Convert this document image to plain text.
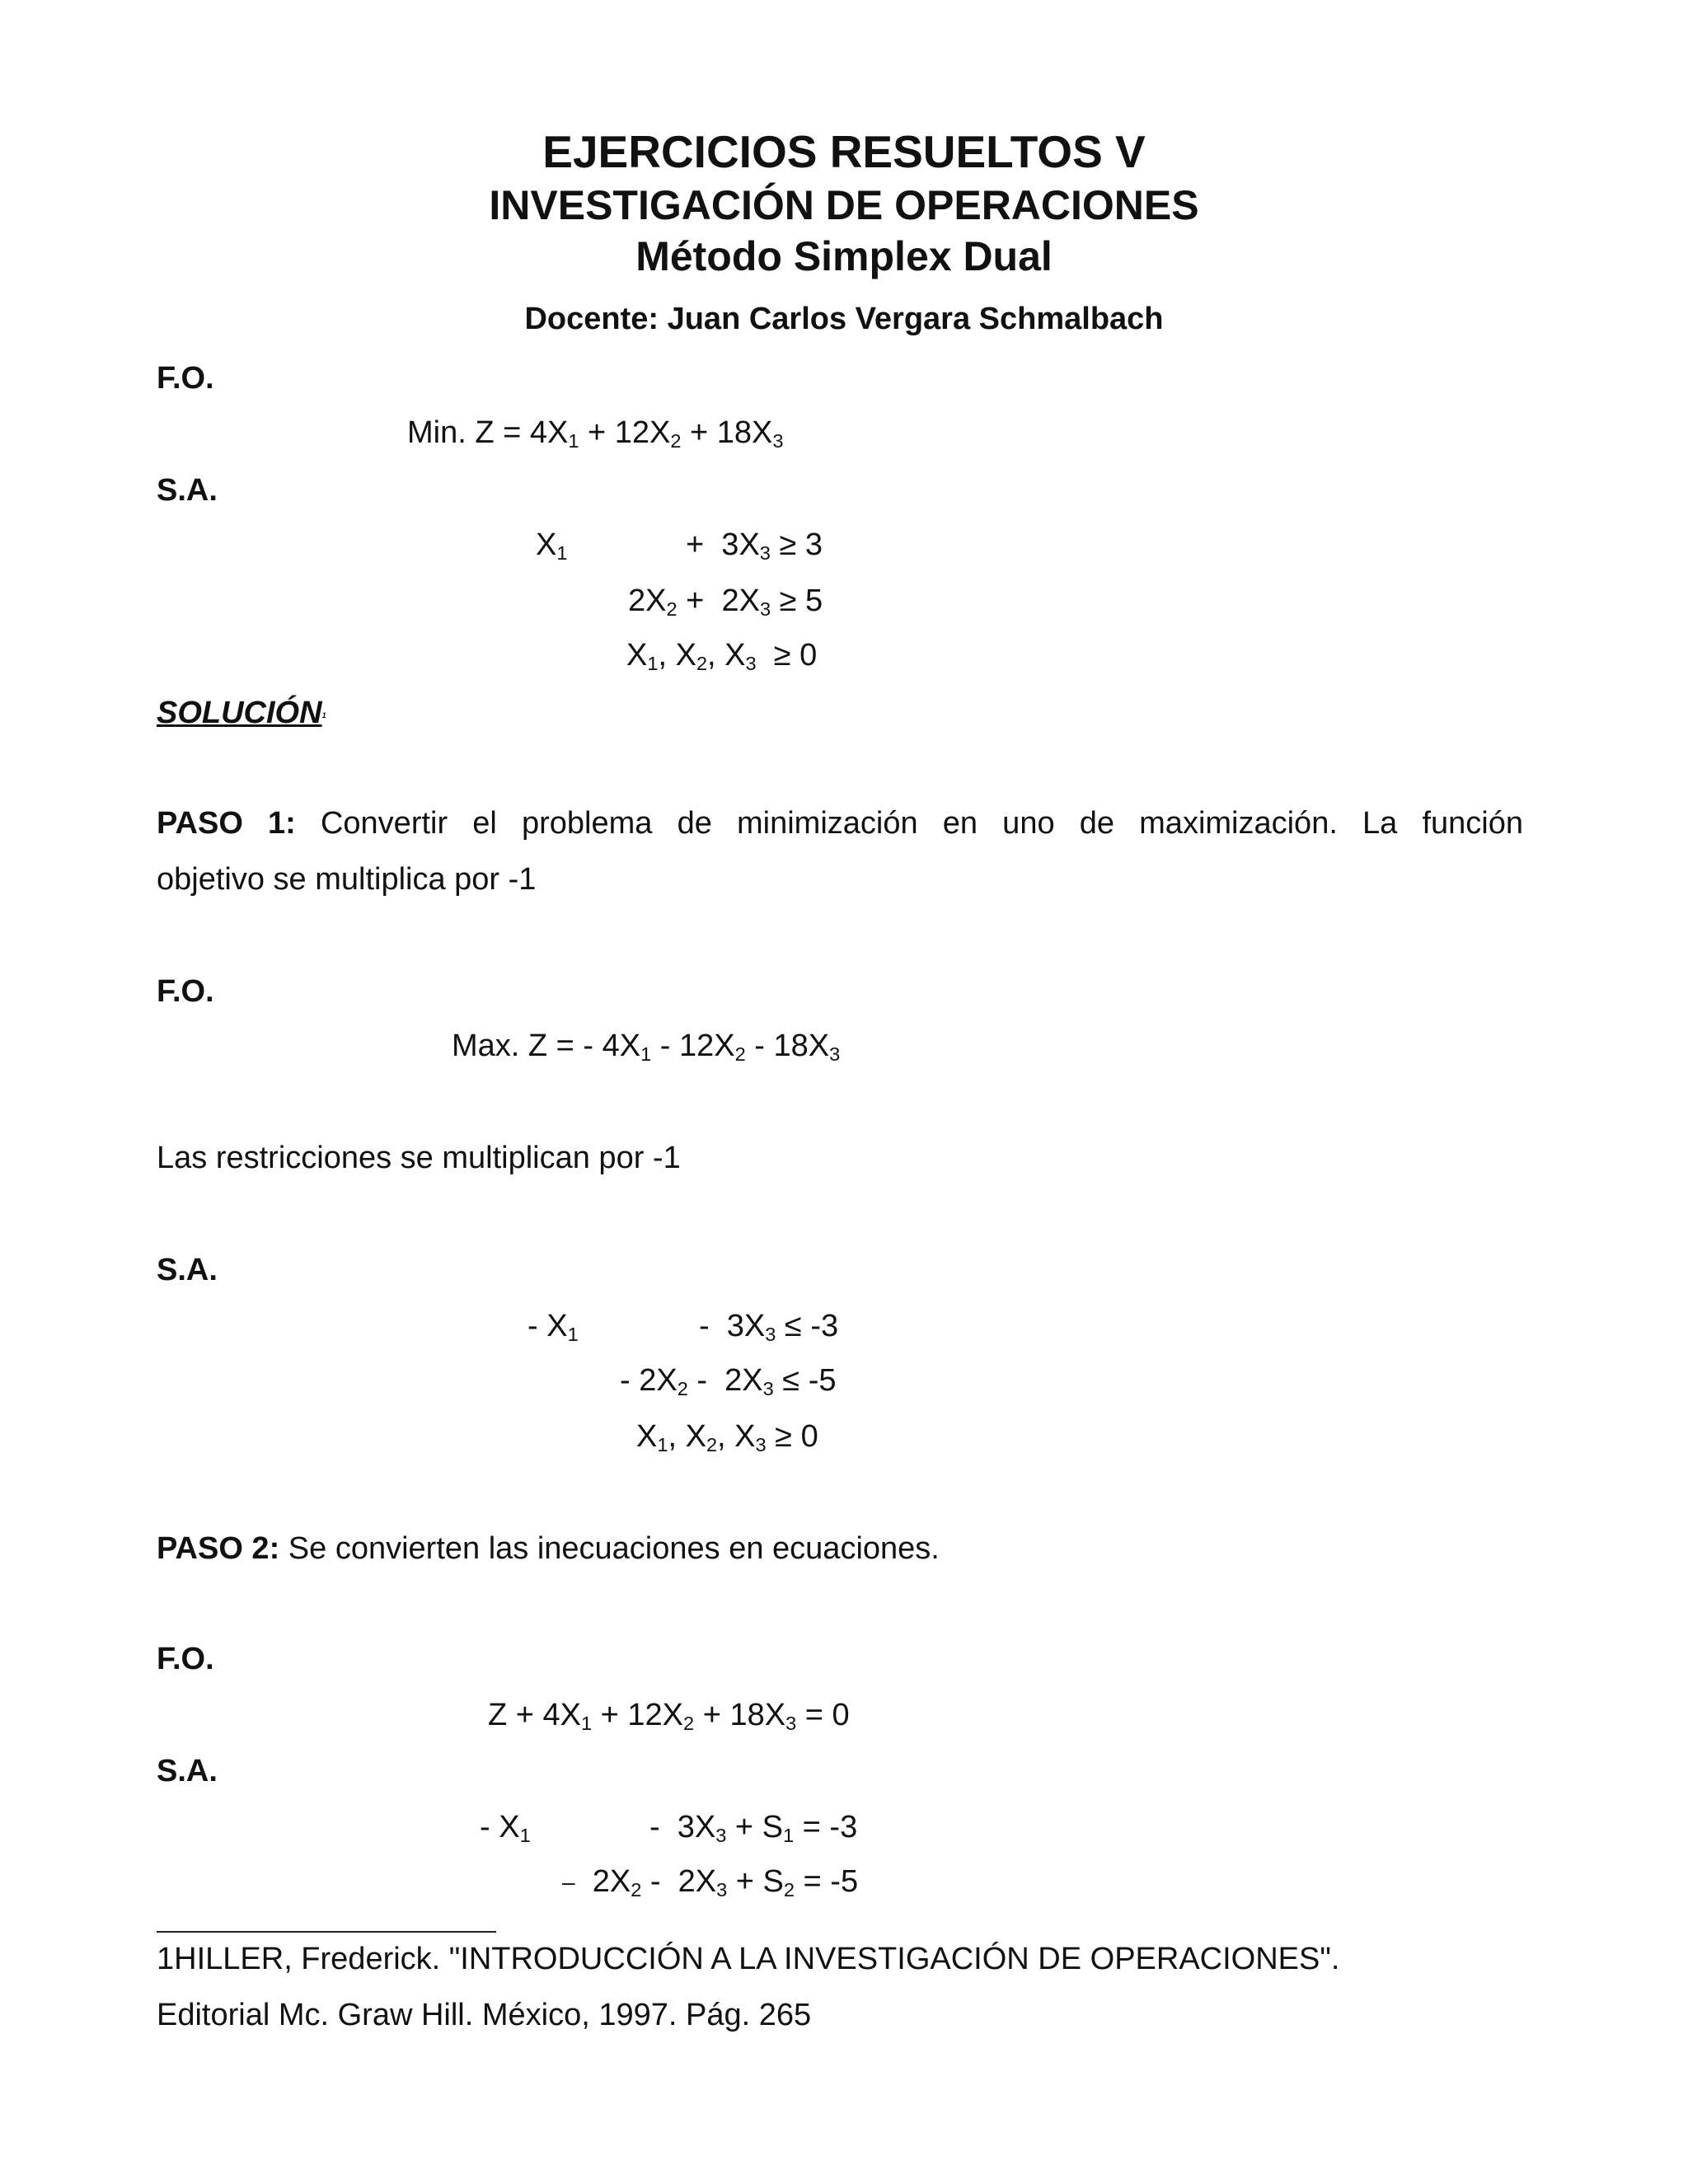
EJERCICIOS RESUELTOS V
INVESTIGACIÓN DE OPERACIONES
Método Simplex Dual
Docente: Juan Carlos Vergara Schmalbach
F.O.
Min. $Z = 4X_1 + 12X_2 + 18X_3$
S.A.
$X_1$	+  $3X_3 \ge 3$
$2X_2 + 2X_3 \ge 5$
$X_1$, $X_2$, $X_3 \ge 0$
SOLUCIÓN$^1$
PASO 1: Convertir el problema de minimización en uno de maximización. La función
objetivo se multiplica por -1
F.O.
Max. Z = - $4X_1 - 12X_2 - 18X_3$
Las restricciones se multiplican por -1
S.A.
- $X_1$	-  $3X_3 \le -3$
- $2X_2 - 2X_3 \le -5$
$X_1$, $X_2$, $X_3 \ge 0$
PASO 2: Se convierten las inecuaciones en ecuaciones.
F.O.
$Z + 4X_1 + 12X_2 + 18X_3 = 0$
S.A.
- $X_1$	-  $3X_3 + S_1 = -3$
–  $2X_2 - 2X_3 + S_2 = -5$
1HILLER, Frederick. "INTRODUCCIÓN A LA INVESTIGACIÓN DE OPERACIONES".
Editorial Mc. Graw Hill. México, 1997. Pág. 265
